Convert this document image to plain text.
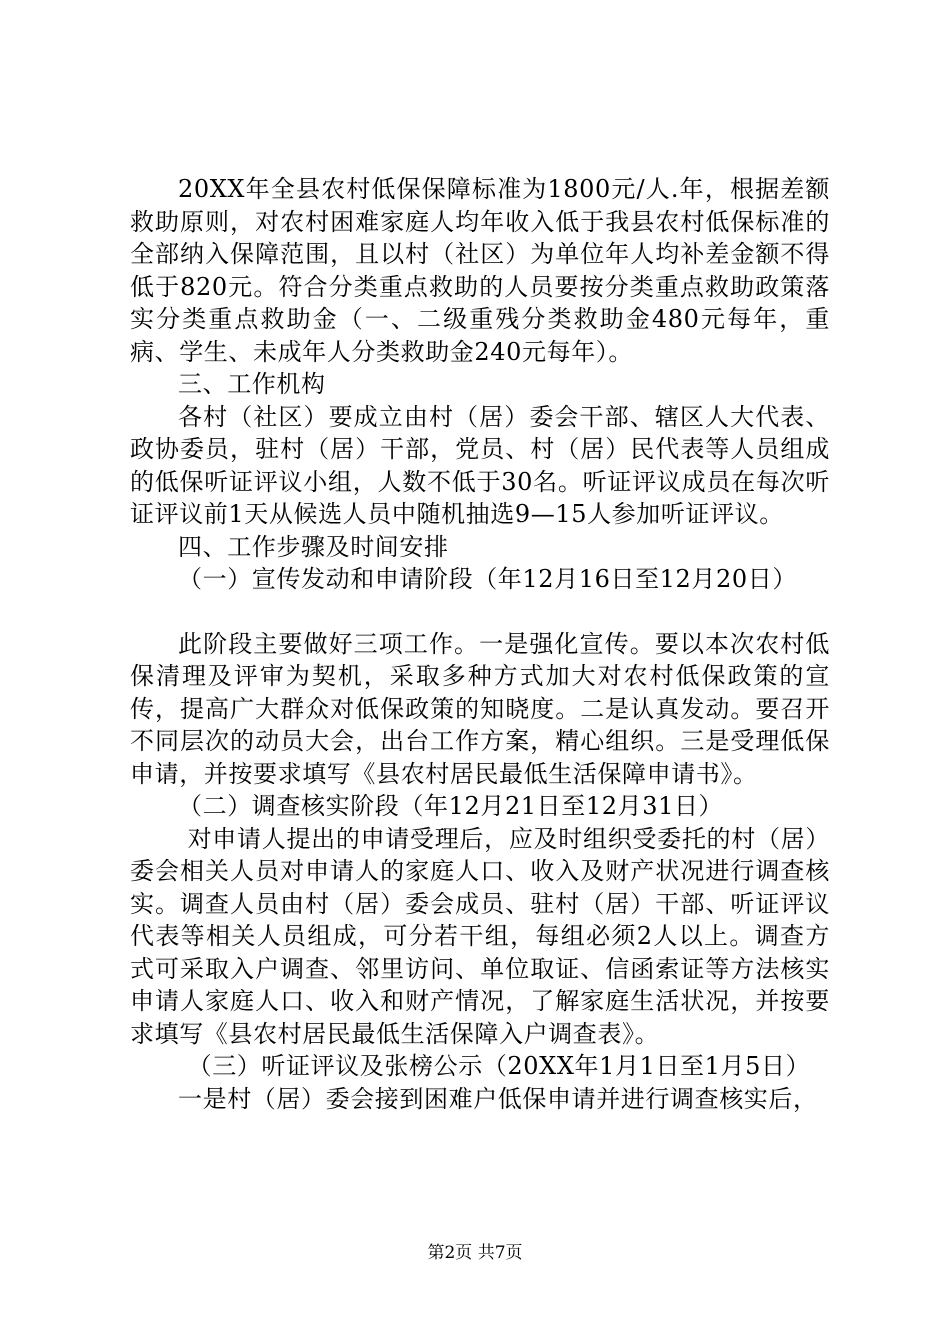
20XX年全县农村低保保障标准为1800元/人.年，根据差额救助原则，对农村困难家庭人均年收入低于我县农村低保标准的全部纳入保障范围，且以村（社区）为单位年人均补差金额不得低于820元。符合分类重点救助的人员要按分类重点救助政策落实分类重点救助金（一、二级重残分类救助金480元每年，重病、学生、未成年人分类救助金240元每年）。

三、工作机构

各村（社区）要成立由村（居）委会干部、辖区人大代表、政协委员，驻村（居）干部，党员、村（居）民代表等人员组成的低保听证评议小组，人数不低于30名。听证评议成员在每次听证评议前1天从候选人员中随机抽选9—15人参加听证评议。

四、工作步骤及时间安排

（一）宣传发动和申请阶段（年12月16日至12月20日）

此阶段主要做好三项工作。一是强化宣传。要以本次农村低保清理及评审为契机，采取多种方式加大对农村低保政策的宣传，提高广大群众对低保政策的知晓度。二是认真发动。要召开不同层次的动员大会，出台工作方案，精心组织。三是受理低保申请，并按要求填写《县农村居民最低生活保障申请书》。

（二）调查核实阶段（年12月21日至12月31日）

对申请人提出的申请受理后，应及时组织受委托的村（居）委会相关人员对申请人的家庭人口、收入及财产状况进行调查核实。调查人员由村（居）委会成员、驻村（居）干部、听证评议代表等相关人员组成，可分若干组，每组必须2人以上。调查方式可采取入户调查、邻里访问、单位取证、信函索证等方法核实申请人家庭人口、收入和财产情况，了解家庭生活状况，并按要求填写《县农村居民最低生活保障入户调查表》。

（三）听证评议及张榜公示（20XX年1月1日至1月5日）

一是村（居）委会接到困难户低保申请并进行调查核实后，

第2页 共7页
